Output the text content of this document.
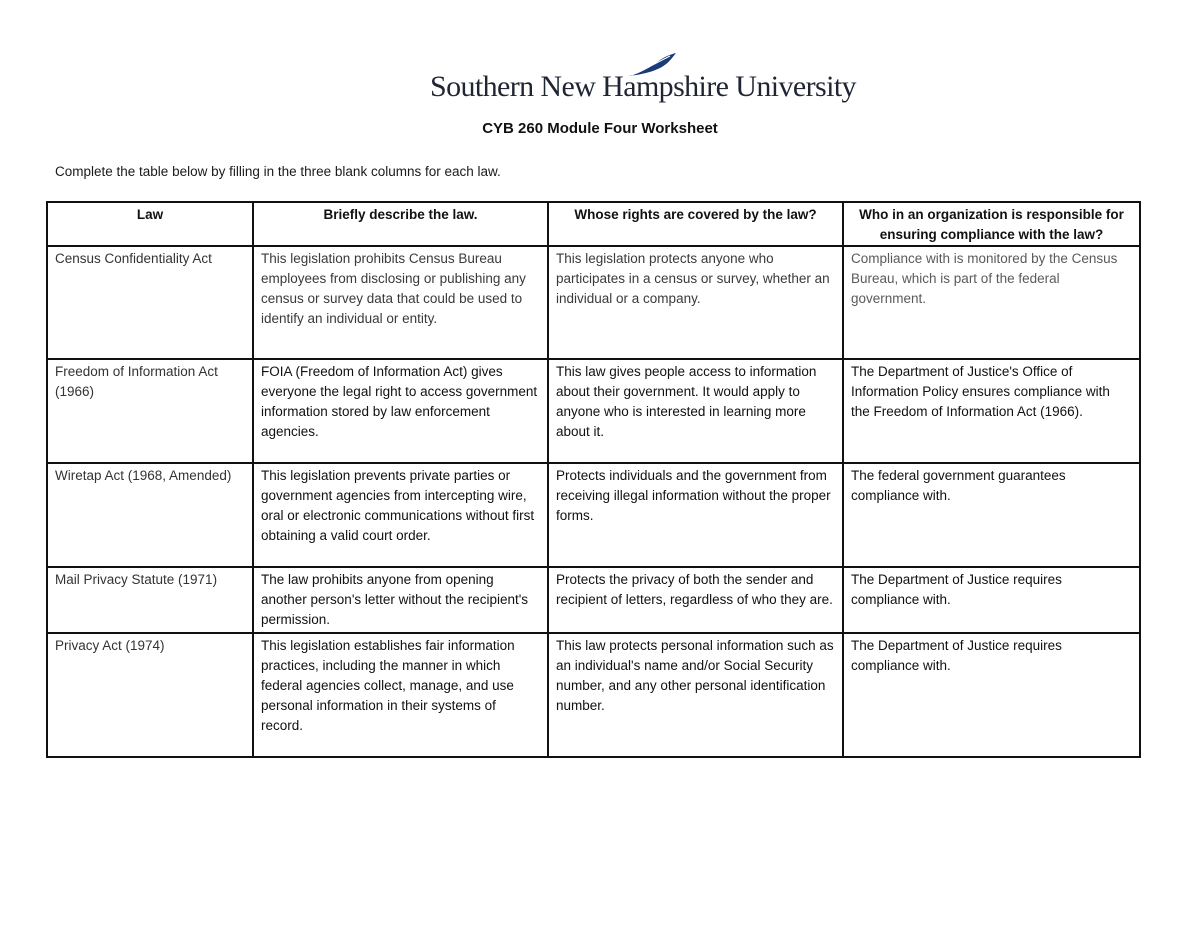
Southern New Hampshire University
CYB 260 Module Four Worksheet
Complete the table below by filling in the three blank columns for each law.
Law	Briefly describe the law.	Whose rights are covered by the law?	Who in an organization is responsible for ensuring compliance with the law?
Census Confidentiality Act	This legislation prohibits Census Bureau employees from disclosing or publishing any census or survey data that could be used to identify an individual or entity.	This legislation protects anyone who participates in a census or survey, whether an individual or a company.	Compliance with is monitored by the Census Bureau, which is part of the federal government.
Freedom of Information Act (1966)	FOIA (Freedom of Information Act) gives everyone the legal right to access government information stored by law enforcement agencies.	This law gives people access to information about their government. It would apply to anyone who is interested in learning more about it.	The Department of Justice's Office of Information Policy ensures compliance with the Freedom of Information Act (1966).
Wiretap Act (1968, Amended)	This legislation prevents private parties or government agencies from intercepting wire, oral or electronic communications without first obtaining a valid court order.	Protects individuals and the government from receiving illegal information without the proper forms.	The federal government guarantees compliance with.
Mail Privacy Statute (1971)	The law prohibits anyone from opening another person's letter without the recipient's permission.	Protects the privacy of both the sender and recipient of letters, regardless of who they are.	The Department of Justice requires compliance with.
Privacy Act (1974)	This legislation establishes fair information practices, including the manner in which federal agencies collect, manage, and use personal information in their systems of record.	This law protects personal information such as an individual's name and/or Social Security number, and any other personal identification number.	The Department of Justice requires compliance with.
